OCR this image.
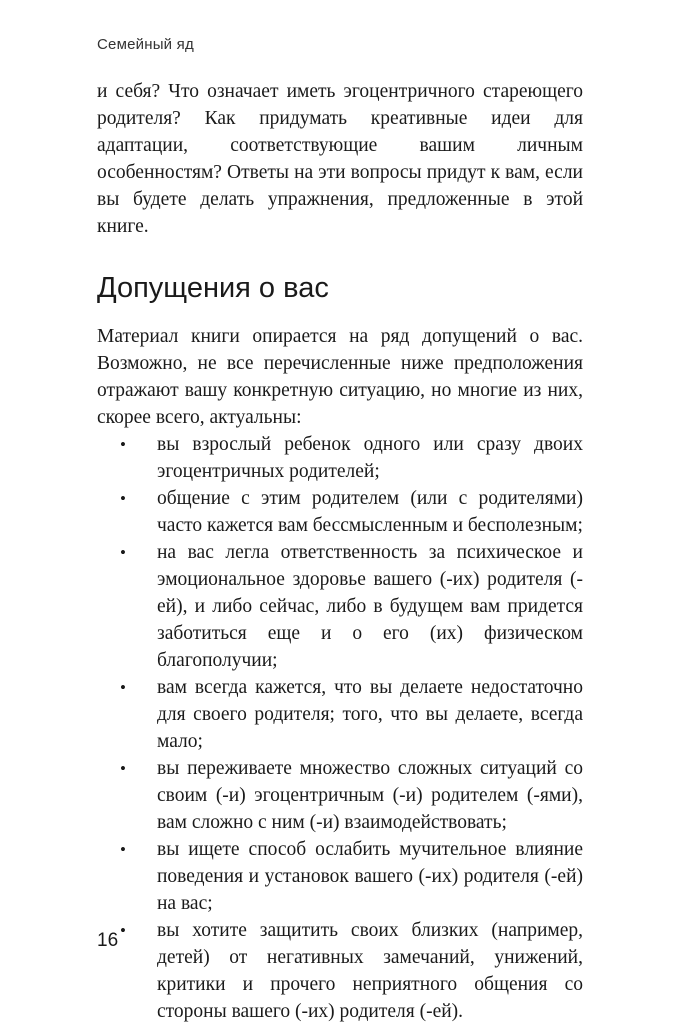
Семейный яд

и себя? Что означает иметь эгоцентричного стареющего родителя? Как придумать креативные идеи для адаптации, соответствующие вашим личным особенностям? Ответы на эти вопросы придут к вам, если вы будете делать упражнения, предложенные в этой книге.

Допущения о вас

Материал книги опирается на ряд допущений о вас. Возможно, не все перечисленные ниже предположения отражают вашу конкретную ситуацию, но многие из них, скорее всего, актуальны:

• вы взрослый ребенок одного или сразу двоих эгоцентричных родителей;
• общение с этим родителем (или с родителями) часто кажется вам бессмысленным и бесполезным;
• на вас легла ответственность за психическое и эмоциональное здоровье вашего (-их) родителя (-ей), и либо сейчас, либо в будущем вам придется заботиться еще и о его (их) физическом благополучии;
• вам всегда кажется, что вы делаете недостаточно для своего родителя; того, что вы делаете, всегда мало;
• вы переживаете множество сложных ситуаций со своим (-и) эгоцентричным (-и) родителем (-ями), вам сложно с ним (-и) взаимодействовать;
• вы ищете способ ослабить мучительное влияние поведения и установок вашего (-их) родителя (-ей) на вас;
• вы хотите защитить своих близких (например, детей) от негативных замечаний, унижений, критики и прочего неприятного общения со стороны вашего (-их) родителя (-ей).
16
